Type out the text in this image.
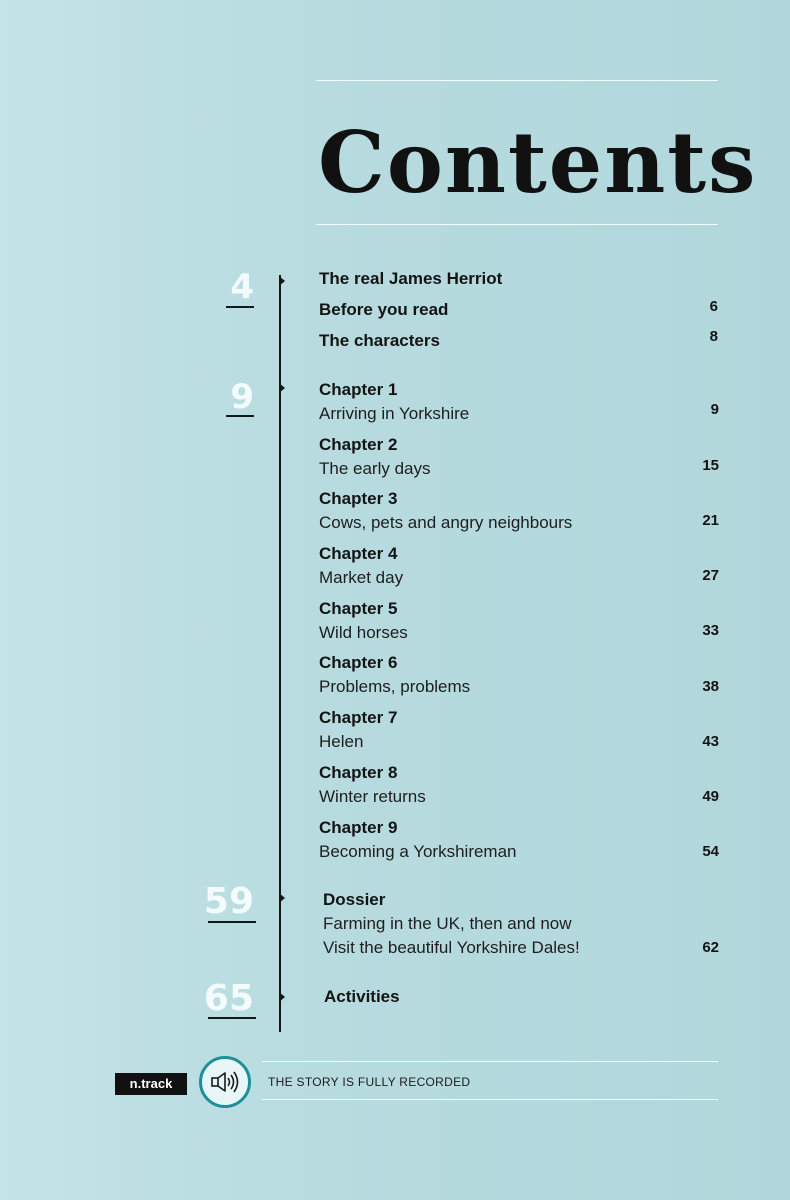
Contents
4	The real James Herriot
Before you read	6
The characters	8
9	Chapter 1
Arriving in Yorkshire	9
Chapter 2
The early days	15
Chapter 3
Cows, pets and angry neighbours	21
Chapter 4
Market day	27
Chapter 5
Wild horses	33
Chapter 6
Problems, problems	38
Chapter 7
Helen	43
Chapter 8
Winter returns	49
Chapter 9
Becoming a Yorkshireman	54
59	Dossier
Farming in the UK, then and now
Visit the beautiful Yorkshire Dales!	62
65	Activities
n.track	THE STORY IS FULLY RECORDED
